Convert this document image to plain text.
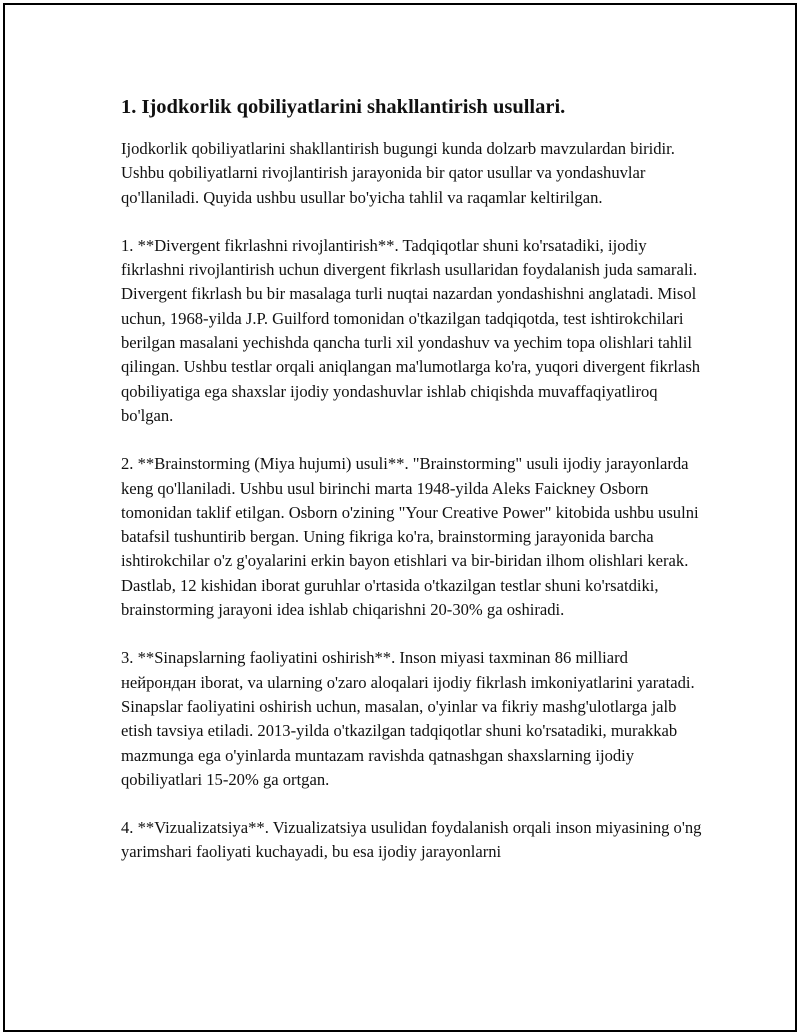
1. Ijodkorlik qobiliyatlarini shakllantirish usullari.

Ijodkorlik qobiliyatlarini shakllantirish bugungi kunda dolzarb mavzulardan biridir. Ushbu qobiliyatlarni rivojlantirish jarayonida bir qator usullar va yondashuvlar qo'llaniladi. Quyida ushbu usullar bo'yicha tahlil va raqamlar keltirilgan.

1. **Divergent fikrlashni rivojlantirish**. Tadqiqotlar shuni ko'rsatadiki, ijodiy fikrlashni rivojlantirish uchun divergent fikrlash usullaridan foydalanish juda samarali. Divergent fikrlash bu bir masalaga turli nuqtai nazardan yondashishni anglatadi. Misol uchun, 1968-yilda J.P. Guilford tomonidan o'tkazilgan tadqiqotda, test ishtirokchilari berilgan masalani yechishda qancha turli xil yondashuv va yechim topa olishlari tahlil qilingan. Ushbu testlar orqali aniqlangan ma'lumotlarga ko'ra, yuqori divergent fikrlash qobiliyatiga ega shaxslar ijodiy yondashuvlar ishlab chiqishda muvaffaqiyatliroq bo'lgan.

2. **Brainstorming (Miya hujumi) usuli**. "Brainstorming" usuli ijodiy jarayonlarda keng qo'llaniladi. Ushbu usul birinchi marta 1948-yilda Aleks Faickney Osborn tomonidan taklif etilgan. Osborn o'zining "Your Creative Power" kitobida ushbu usulni batafsil tushuntirib bergan. Uning fikriga ko'ra, brainstorming jarayonida barcha ishtirokchilar o'z g'oyalarini erkin bayon etishlari va bir-biridan ilhom olishlari kerak. Dastlab, 12 kishidan iborat guruhlar o'rtasida o'tkazilgan testlar shuni ko'rsatdiki, brainstorming jarayoni idea ishlab chiqarishni 20-30% ga oshiradi.

3. **Sinapslarning faoliyatini oshirish**. Inson miyasi taxminan 86 milliard нейрондан iborat, va ularning o'zaro aloqalari ijodiy fikrlash imkoniyatlarini yaratadi. Sinapslar faoliyatini oshirish uchun, masalan, o'yinlar va fikriy mashg'ulotlarga jalb etish tavsiya etiladi. 2013-yilda o'tkazilgan tadqiqotlar shuni ko'rsatadiki, murakkab mazmunga ega o'yinlarda muntazam ravishda qatnashgan shaxslarning ijodiy qobiliyatlari 15-20% ga ortgan.

4. **Vizualizatsiya**. Vizualizatsiya usulidan foydalanish orqali inson miyasining o'ng yarimshari faoliyati kuchayadi, bu esa ijodiy jarayonlarni
